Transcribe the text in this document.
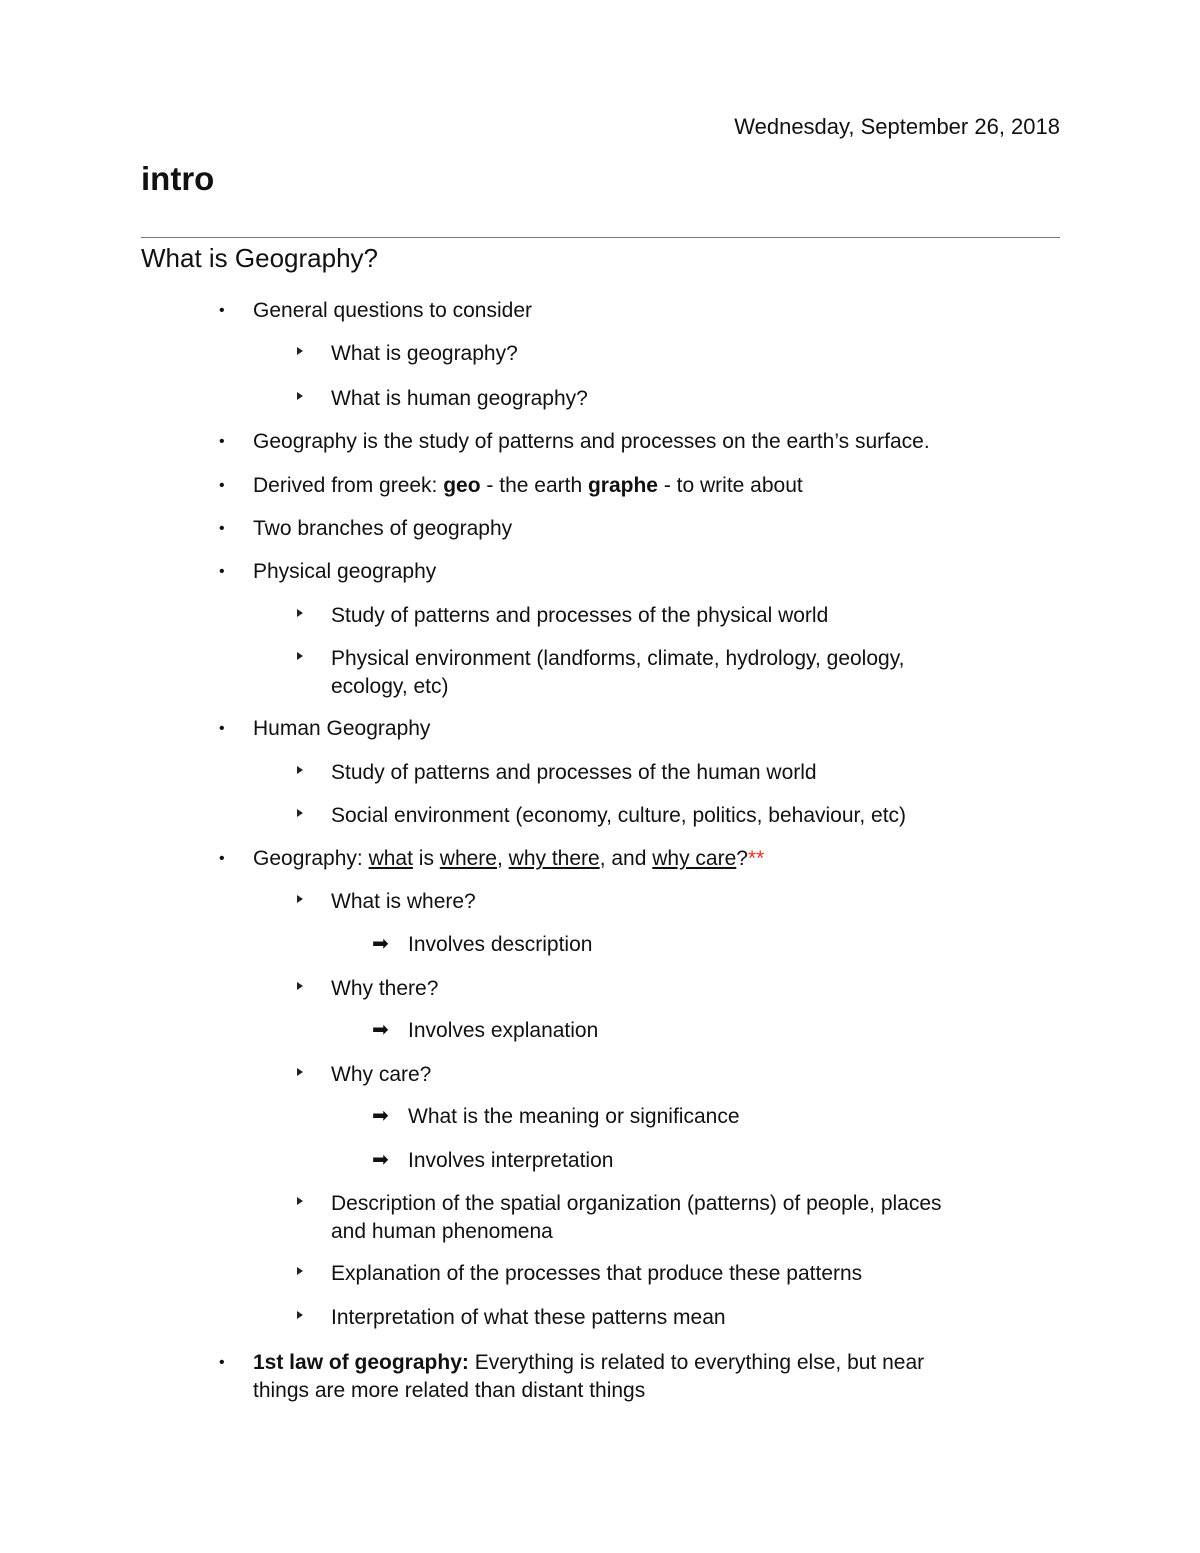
Wednesday, September 26, 2018
intro
What is Geography?
• General questions to consider
What is geography?
What is human geography?
• Geography is the study of patterns and processes on the earth’s surface.
• Derived from greek: geo - the earth graphe - to write about
• Two branches of geography
• Physical geography
Study of patterns and processes of the physical world
Physical environment (landforms, climate, hydrology, geology,
ecology, etc)
• Human Geography
Study of patterns and processes of the human world
Social environment (economy, culture, politics, behaviour, etc)
• Geography: what is where, why there, and why care?**
What is where?
➡ Involves description
Why there?
➡ Involves explanation
Why care?
➡ What is the meaning or significance
➡ Involves interpretation
Description of the spatial organization (patterns) of people, places
and human phenomena
Explanation of the processes that produce these patterns
Interpretation of what these patterns mean
• 1st law of geography: Everything is related to everything else, but near
things are more related than distant things
